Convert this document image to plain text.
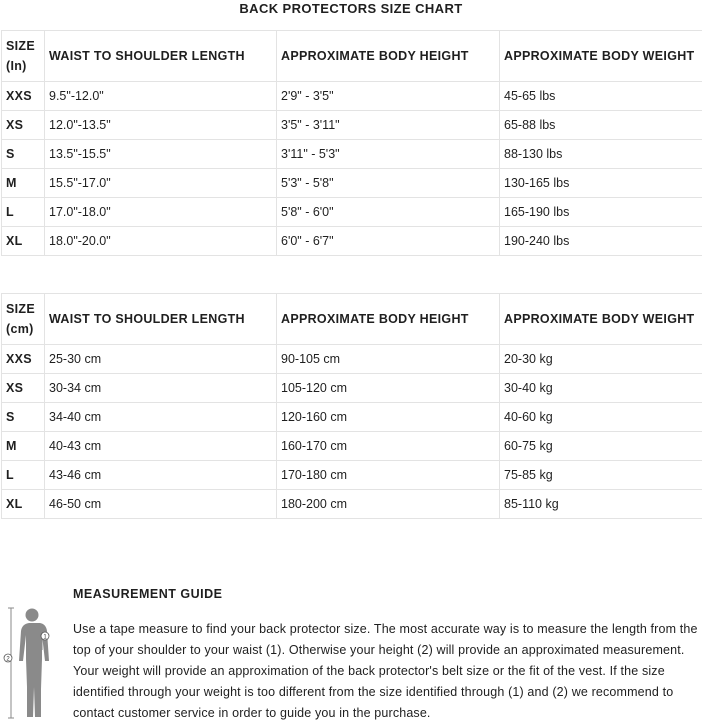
BACK PROTECTORS SIZE CHART
SIZE
(In)	WAIST TO SHOULDER LENGTH	APPROXIMATE BODY HEIGHT	APPROXIMATE BODY WEIGHT
XXS	9.5"-12.0"	2'9" - 3'5"	45-65 lbs
XS	12.0"-13.5"	3'5" - 3'11"	65-88 lbs
S	13.5"-15.5"	3'11" - 5'3"	88-130 lbs
M	15.5"-17.0"	5'3" - 5'8"	130-165 lbs
L	17.0"-18.0"	5'8" - 6'0"	165-190 lbs
XL	18.0"-20.0"	6'0" - 6'7"	190-240 lbs
SIZE
(cm)	WAIST TO SHOULDER LENGTH	APPROXIMATE BODY HEIGHT	APPROXIMATE BODY WEIGHT
XXS	25-30 cm	90-105 cm	20-30 kg
XS	30-34 cm	105-120 cm	30-40 kg
S	34-40 cm	120-160 cm	40-60 kg
M	40-43 cm	160-170 cm	60-75 kg
L	43-46 cm	170-180 cm	75-85 kg
XL	46-50 cm	180-200 cm	85-110 kg
1
2
MEASUREMENT GUIDE
Use a tape measure to find your back protector size. The most accurate way is to measure the length from the top of your shoulder to your waist (1). Otherwise your height (2) will provide an approximated measurement. Your weight will provide an approximation of the back protector's belt size or the fit of the vest. If the size identified through your weight is too different from the size identified through (1) and (2) we recommend to contact customer service in order to guide you in the purchase.
